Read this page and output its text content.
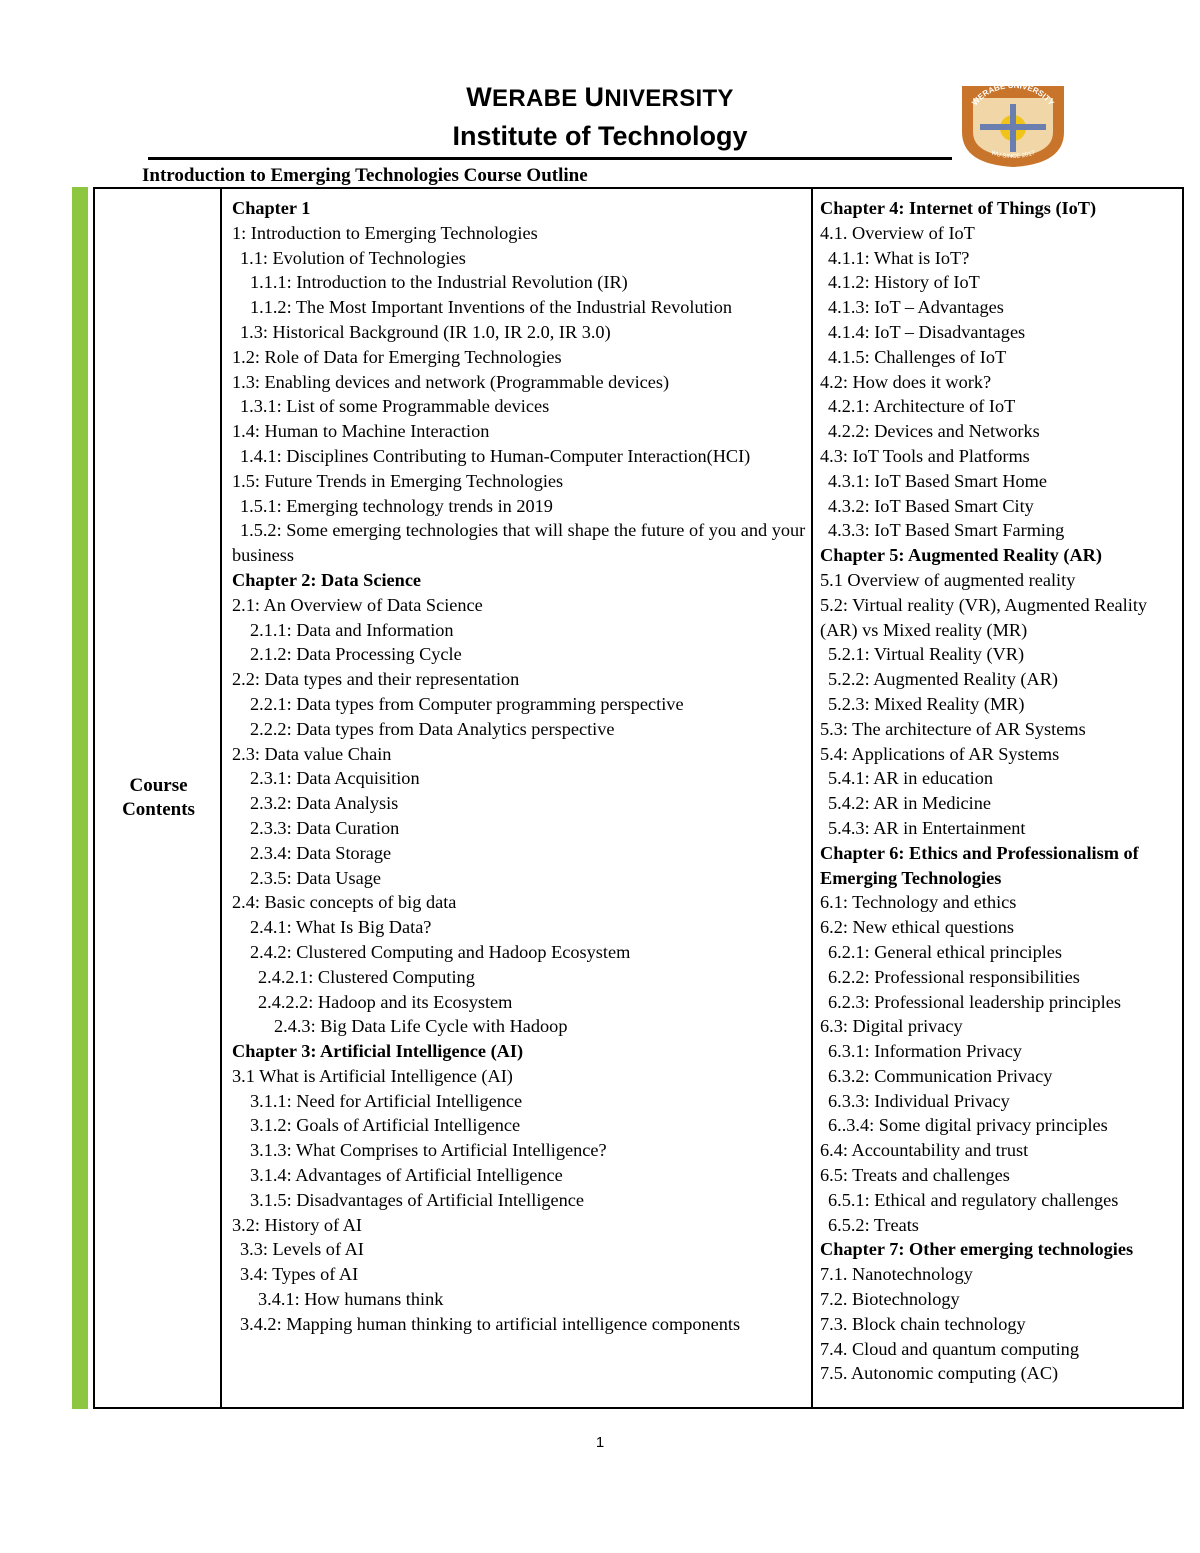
WERABE UNIVERSITY
Institute of Technology
Introduction to Emerging Technologies Course Outline
WERABE UNIVERSITY
WU SINCE 2017
Course Contents
Chapter 1
1: Introduction to Emerging Technologies
1.1: Evolution of Technologies
1.1.1: Introduction to the Industrial Revolution (IR)
1.1.2: The Most Important Inventions of the Industrial Revolution
1.3: Historical Background (IR 1.0, IR 2.0, IR 3.0)
1.2: Role of Data for Emerging Technologies
1.3: Enabling devices and network (Programmable devices)
1.3.1: List of some Programmable devices
1.4: Human to Machine Interaction
1.4.1: Disciplines Contributing to Human-Computer Interaction(HCI)
1.5: Future Trends in Emerging Technologies
1.5.1: Emerging technology trends in 2019
1.5.2: Some emerging technologies that will shape the future of you and your business
Chapter 2: Data Science
2.1: An Overview of Data Science
2.1.1: Data and Information
2.1.2: Data Processing Cycle
2.2: Data types and their representation
2.2.1: Data types from Computer programming perspective
2.2.2: Data types from Data Analytics perspective
2.3: Data value Chain
2.3.1: Data Acquisition
2.3.2: Data Analysis
2.3.3: Data Curation
2.3.4: Data Storage
2.3.5: Data Usage
2.4: Basic concepts of big data
2.4.1: What Is Big Data?
2.4.2: Clustered Computing and Hadoop Ecosystem
2.4.2.1: Clustered Computing
2.4.2.2: Hadoop and its Ecosystem
2.4.3: Big Data Life Cycle with Hadoop
Chapter 3: Artificial Intelligence (AI)
3.1 What is Artificial Intelligence (AI)
3.1.1: Need for Artificial Intelligence
3.1.2: Goals of Artificial Intelligence
3.1.3: What Comprises to Artificial Intelligence?
3.1.4: Advantages of Artificial Intelligence
3.1.5: Disadvantages of Artificial Intelligence
3.2: History of AI
3.3: Levels of AI
3.4: Types of AI
3.4.1: How humans think
3.4.2: Mapping human thinking to artificial intelligence components
Chapter 4: Internet of Things (IoT)
4.1. Overview of IoT
4.1.1: What is IoT?
4.1.2: History of IoT
4.1.3: IoT – Advantages
4.1.4: IoT – Disadvantages
4.1.5: Challenges of IoT
4.2: How does it work?
4.2.1: Architecture of IoT
4.2.2: Devices and Networks
4.3: IoT Tools and Platforms
4.3.1: IoT Based Smart Home
4.3.2: IoT Based Smart City
4.3.3: IoT Based Smart Farming
Chapter 5: Augmented Reality (AR)
5.1 Overview of augmented reality
5.2: Virtual reality (VR), Augmented Reality (AR) vs Mixed reality (MR)
5.2.1: Virtual Reality (VR)
5.2.2: Augmented Reality (AR)
5.2.3: Mixed Reality (MR)
5.3: The architecture of AR Systems
5.4: Applications of AR Systems
5.4.1: AR in education
5.4.2: AR in Medicine
5.4.3: AR in Entertainment
Chapter 6: Ethics and Professionalism of Emerging Technologies
6.1: Technology and ethics
6.2: New ethical questions
6.2.1: General ethical principles
6.2.2: Professional responsibilities
6.2.3: Professional leadership principles
6.3: Digital privacy
6.3.1: Information Privacy
6.3.2: Communication Privacy
6.3.3: Individual Privacy
6..3.4: Some digital privacy principles
6.4: Accountability and trust
6.5: Treats and challenges
6.5.1: Ethical and regulatory challenges
6.5.2: Treats
Chapter 7: Other emerging technologies
7.1. Nanotechnology
7.2. Biotechnology
7.3. Block chain technology
7.4. Cloud and quantum computing
7.5. Autonomic computing (AC)
1
